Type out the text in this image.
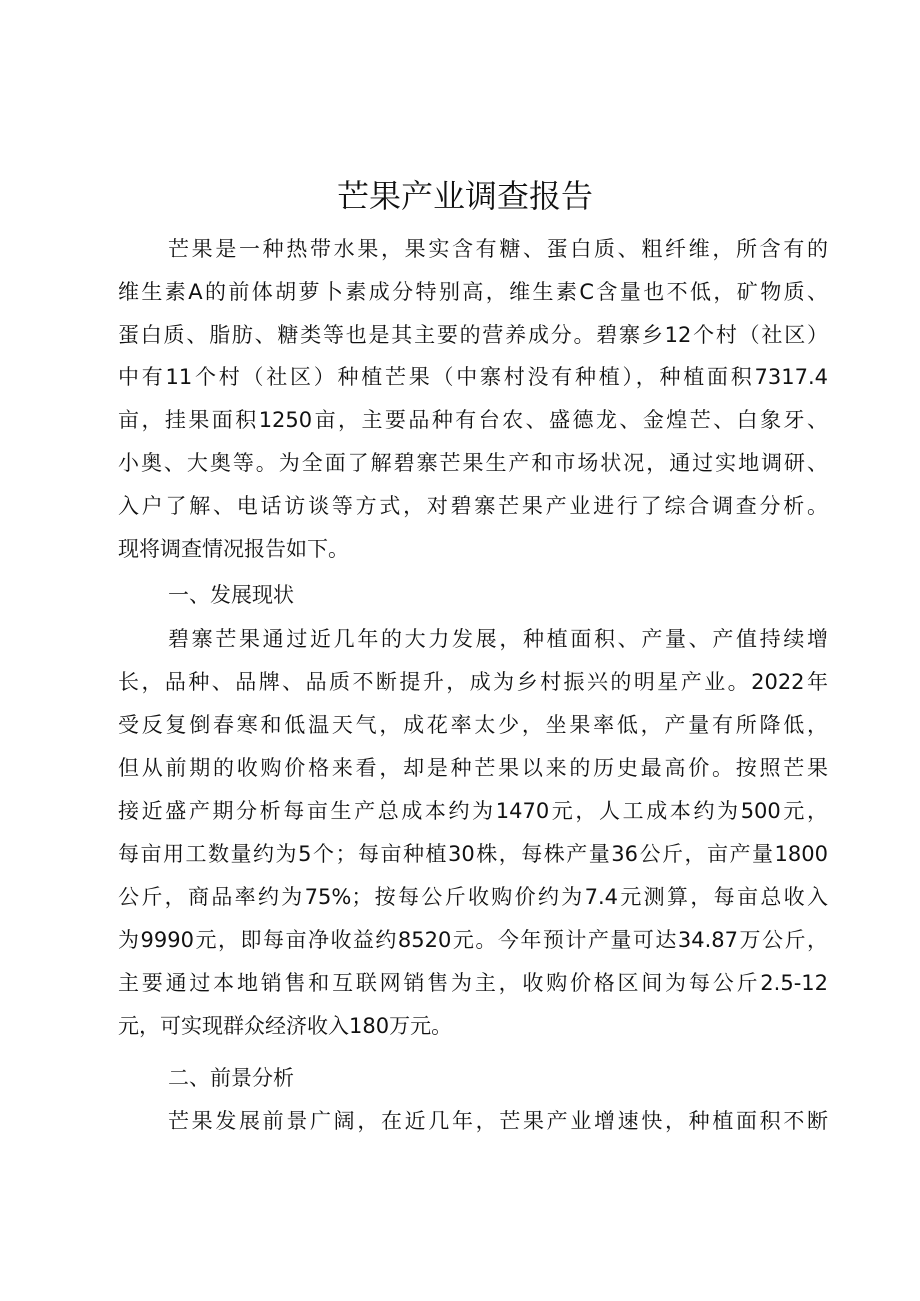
芒果产业调查报告
芒果是一种热带水果，果实含有糖、蛋白质、粗纤维，所含有的
维生素A的前体胡萝卜素成分特别高，维生素C含量也不低，矿物质、
蛋白质、脂肪、糖类等也是其主要的营养成分。碧寨乡12个村（社区）
中有11个村（社区）种植芒果（中寨村没有种植），种植面积7317.4
亩，挂果面积1250亩，主要品种有台农、盛德龙、金煌芒、白象牙、
小奥、大奥等。为全面了解碧寨芒果生产和市场状况，通过实地调研、
入户了解、电话访谈等方式，对碧寨芒果产业进行了综合调查分析。
现将调查情况报告如下。
一、发展现状
碧寨芒果通过近几年的大力发展，种植面积、产量、产值持续增
长，品种、品牌、品质不断提升，成为乡村振兴的明星产业。2022年
受反复倒春寒和低温天气，成花率太少，坐果率低，产量有所降低，
但从前期的收购价格来看，却是种芒果以来的历史最高价。按照芒果
接近盛产期分析每亩生产总成本约为1470元，人工成本约为500元，
每亩用工数量约为5个；每亩种植30株，每株产量36公斤，亩产量1800
公斤，商品率约为75%；按每公斤收购价约为7.4元测算，每亩总收入
为9990元，即每亩净收益约8520元。今年预计产量可达34.87万公斤，
主要通过本地销售和互联网销售为主，收购价格区间为每公斤2.5-12
元，可实现群众经济收入180万元。
二、前景分析
芒果发展前景广阔，在近几年，芒果产业增速快，种植面积不断
